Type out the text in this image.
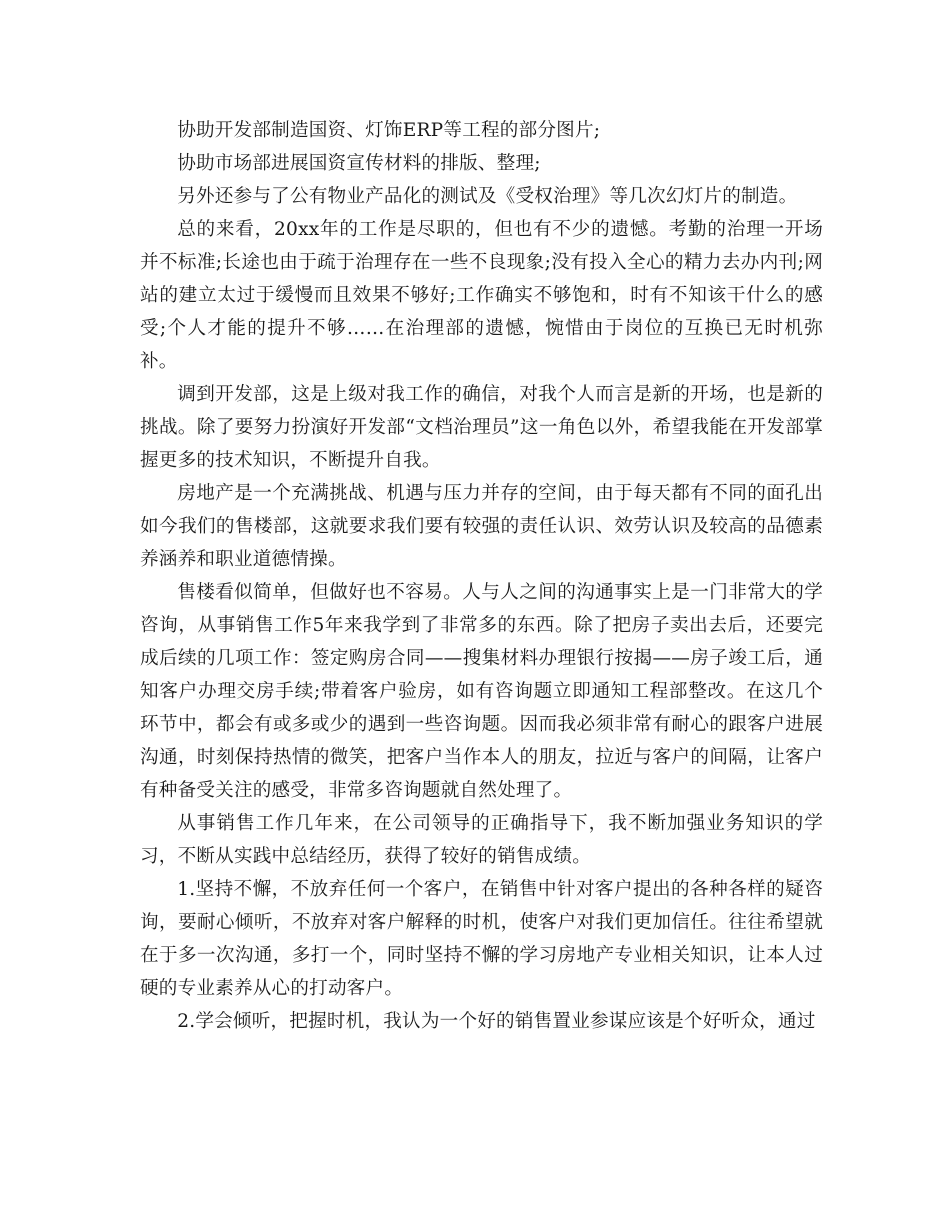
协助开发部制造国资、灯饰ERP等工程的部分图片;

协助市场部进展国资宣传材料的排版、整理;

另外还参与了公有物业产品化的测试及《受权治理》等几次幻灯片的制造。

总的来看，20xx年的工作是尽职的，但也有不少的遗憾。考勤的治理一开场并不标准;长途也由于疏于治理存在一些不良现象;没有投入全心的精力去办内刊;网站的建立太过于缓慢而且效果不够好;工作确实不够饱和，时有不知该干什么的感受;个人才能的提升不够……在治理部的遗憾，惋惜由于岗位的互换已无时机弥补。

调到开发部，这是上级对我工作的确信，对我个人而言是新的开场，也是新的挑战。除了要努力扮演好开发部“文档治理员”这一角色以外，希望我能在开发部掌握更多的技术知识，不断提升自我。

房地产是一个充满挑战、机遇与压力并存的空间，由于每天都有不同的面孔出如今我们的售楼部，这就要求我们要有较强的责任认识、效劳认识及较高的品德素养涵养和职业道德情操。

售楼看似简单，但做好也不容易。人与人之间的沟通事实上是一门非常大的学咨询，从事销售工作5年来我学到了非常多的东西。除了把房子卖出去后，还要完成后续的几项工作：签定购房合同——搜集材料办理银行按揭——房子竣工后，通知客户办理交房手续;带着客户验房，如有咨询题立即通知工程部整改。在这几个环节中，都会有或多或少的遇到一些咨询题。因而我必须非常有耐心的跟客户进展沟通，时刻保持热情的微笑，把客户当作本人的朋友，拉近与客户的间隔，让客户有种备受关注的感受，非常多咨询题就自然处理了。

从事销售工作几年来，在公司领导的正确指导下，我不断加强业务知识的学习，不断从实践中总结经历，获得了较好的销售成绩。

1.坚持不懈，不放弃任何一个客户，在销售中针对客户提出的各种各样的疑咨询，要耐心倾听，不放弃对客户解释的时机，使客户对我们更加信任。往往希望就在于多一次沟通，多打一个，同时坚持不懈的学习房地产专业相关知识，让本人过硬的专业素养从心的打动客户。

2.学会倾听，把握时机，我认为一个好的销售置业参谋应该是个好听众，通过
